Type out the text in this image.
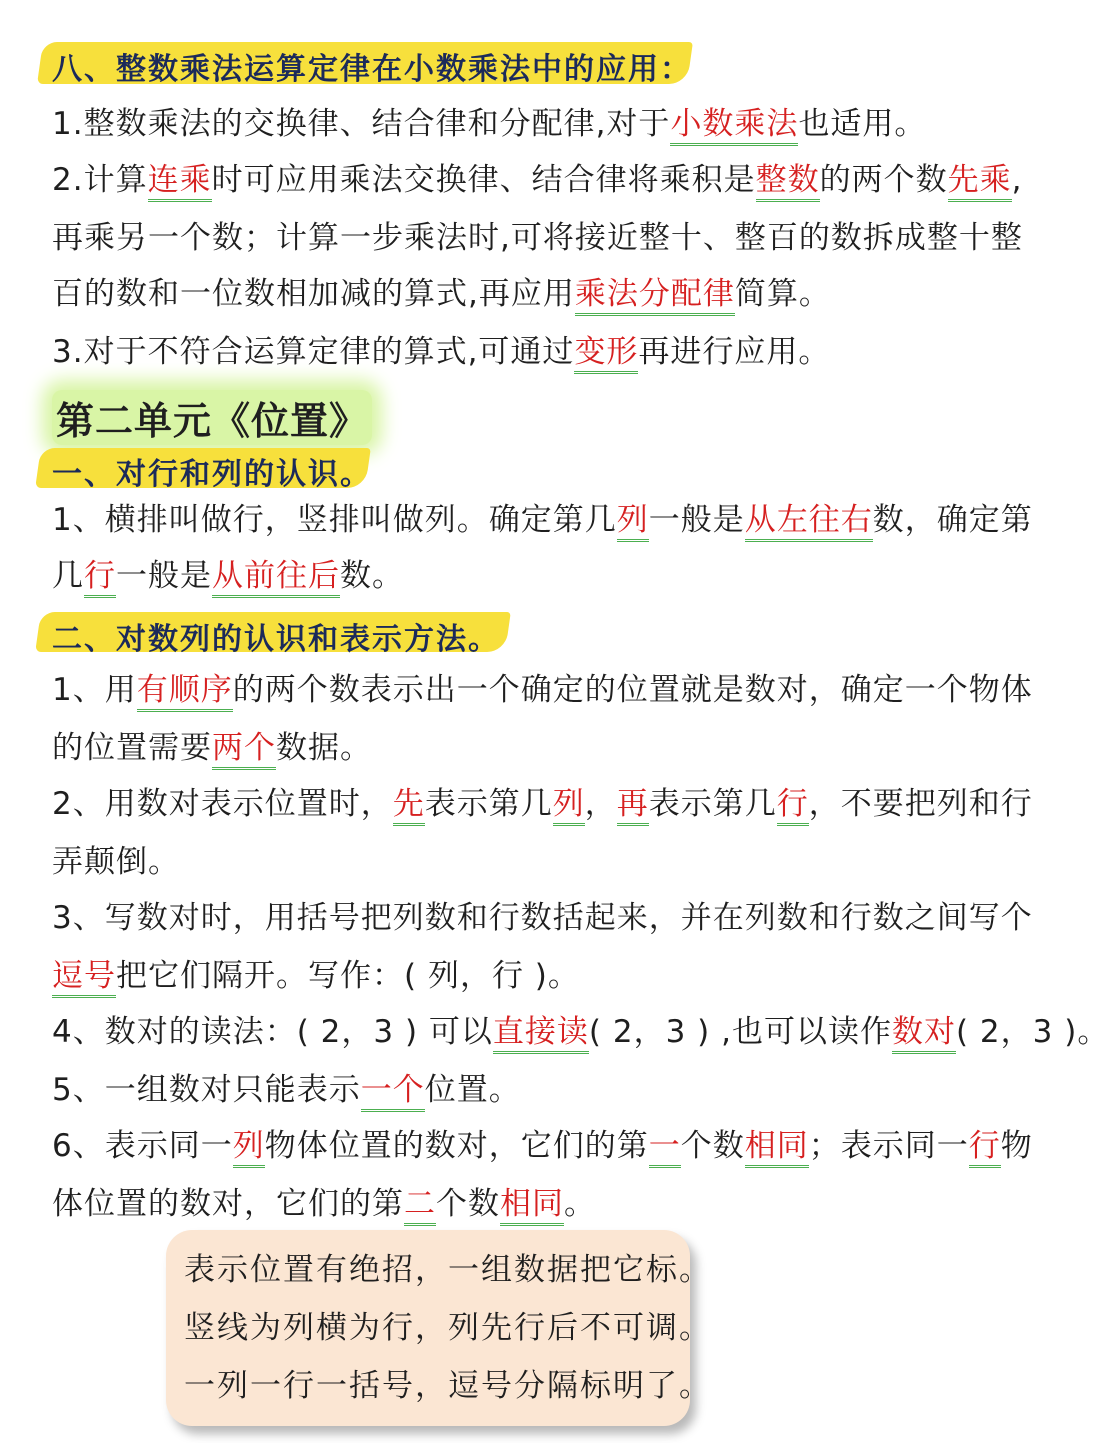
八、整数乘法运算定律在小数乘法中的应用：
1.整数乘法的交换律、结合律和分配律,对于小数乘法也适用。
2.计算连乘时可应用乘法交换律、结合律将乘积是整数的两个数先乘,
再乘另一个数；计算一步乘法时,可将接近整十、整百的数拆成整十整
百的数和一位数相加减的算式,再应用乘法分配律简算。
3.对于不符合运算定律的算式,可通过变形再进行应用。
第二单元《位置》
一、对行和列的认识。
1、横排叫做行，竖排叫做列。确定第几列一般是从左往右数，确定第
几行一般是从前往后数。
二、对数列的认识和表示方法。
1、用有顺序的两个数表示出一个确定的位置就是数对，确定一个物体
的位置需要两个数据。
2、用数对表示位置时，先表示第几列，再表示第几行，不要把列和行
弄颠倒。
3、写数对时，用括号把列数和行数括起来，并在列数和行数之间写个
逗号把它们隔开。写作：( 列，行 )。
4、数对的读法：( 2，3 ) 可以直接读( 2，3 ) ,也可以读作数对( 2，3 )。
5、一组数对只能表示一个位置。
6、表示同一列物体位置的数对，它们的第一个数相同；表示同一行物
体位置的数对，它们的第二个数相同。
表示位置有绝招，一组数据把它标。
竖线为列横为行，列先行后不可调。
一列一行一括号，逗号分隔标明了。
